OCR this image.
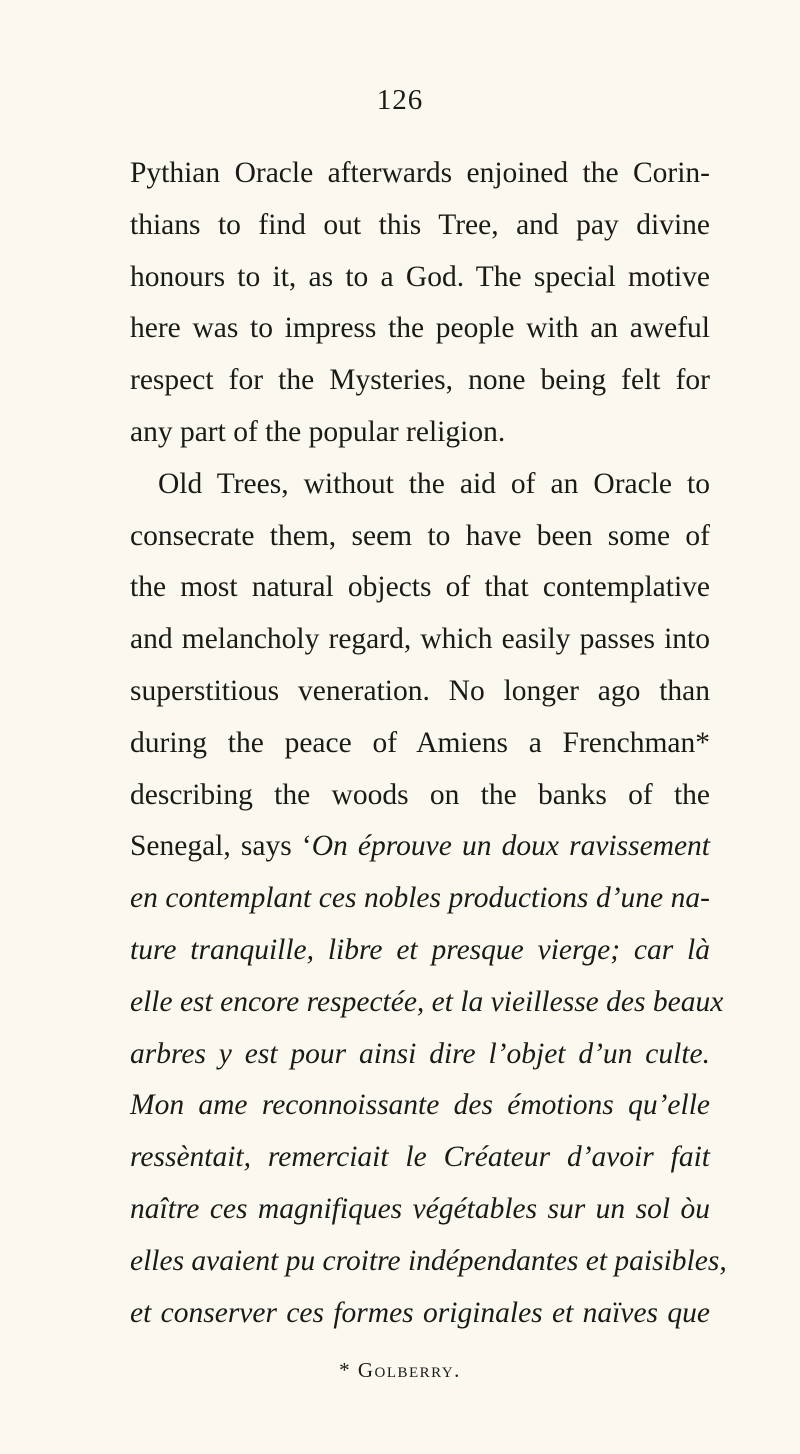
126
Pythian Oracle afterwards enjoined the Corin-
thians to find out this Tree, and pay divine
honours to it, as to a God. The special motive
here was to impress the people with an aweful
respect for the Mysteries, none being felt for
any part of the popular religion.
Old Trees, without the aid of an Oracle to
consecrate them, seem to have been some of
the most natural objects of that contemplative
and melancholy regard, which easily passes into
superstitious veneration. No longer ago than
during the peace of Amiens a Frenchman*
describing the woods on the banks of the
Senegal, says ‘On éprouve un doux ravissement
en contemplant ces nobles productions d’une na-
ture tranquille, libre et presque vierge; car là
elle est encore respectée, et la vieillesse des beaux
arbres y est pour ainsi dire l’objet d’un culte.
Mon ame reconnoissante des émotions qu’elle
ressèntait, remerciait le Créateur d’avoir fait
naître ces magnifiques végétables sur un sol òu
elles avaient pu croitre indépendantes et paisibles,
et conserver ces formes originales et naïves que
* Golberry.
